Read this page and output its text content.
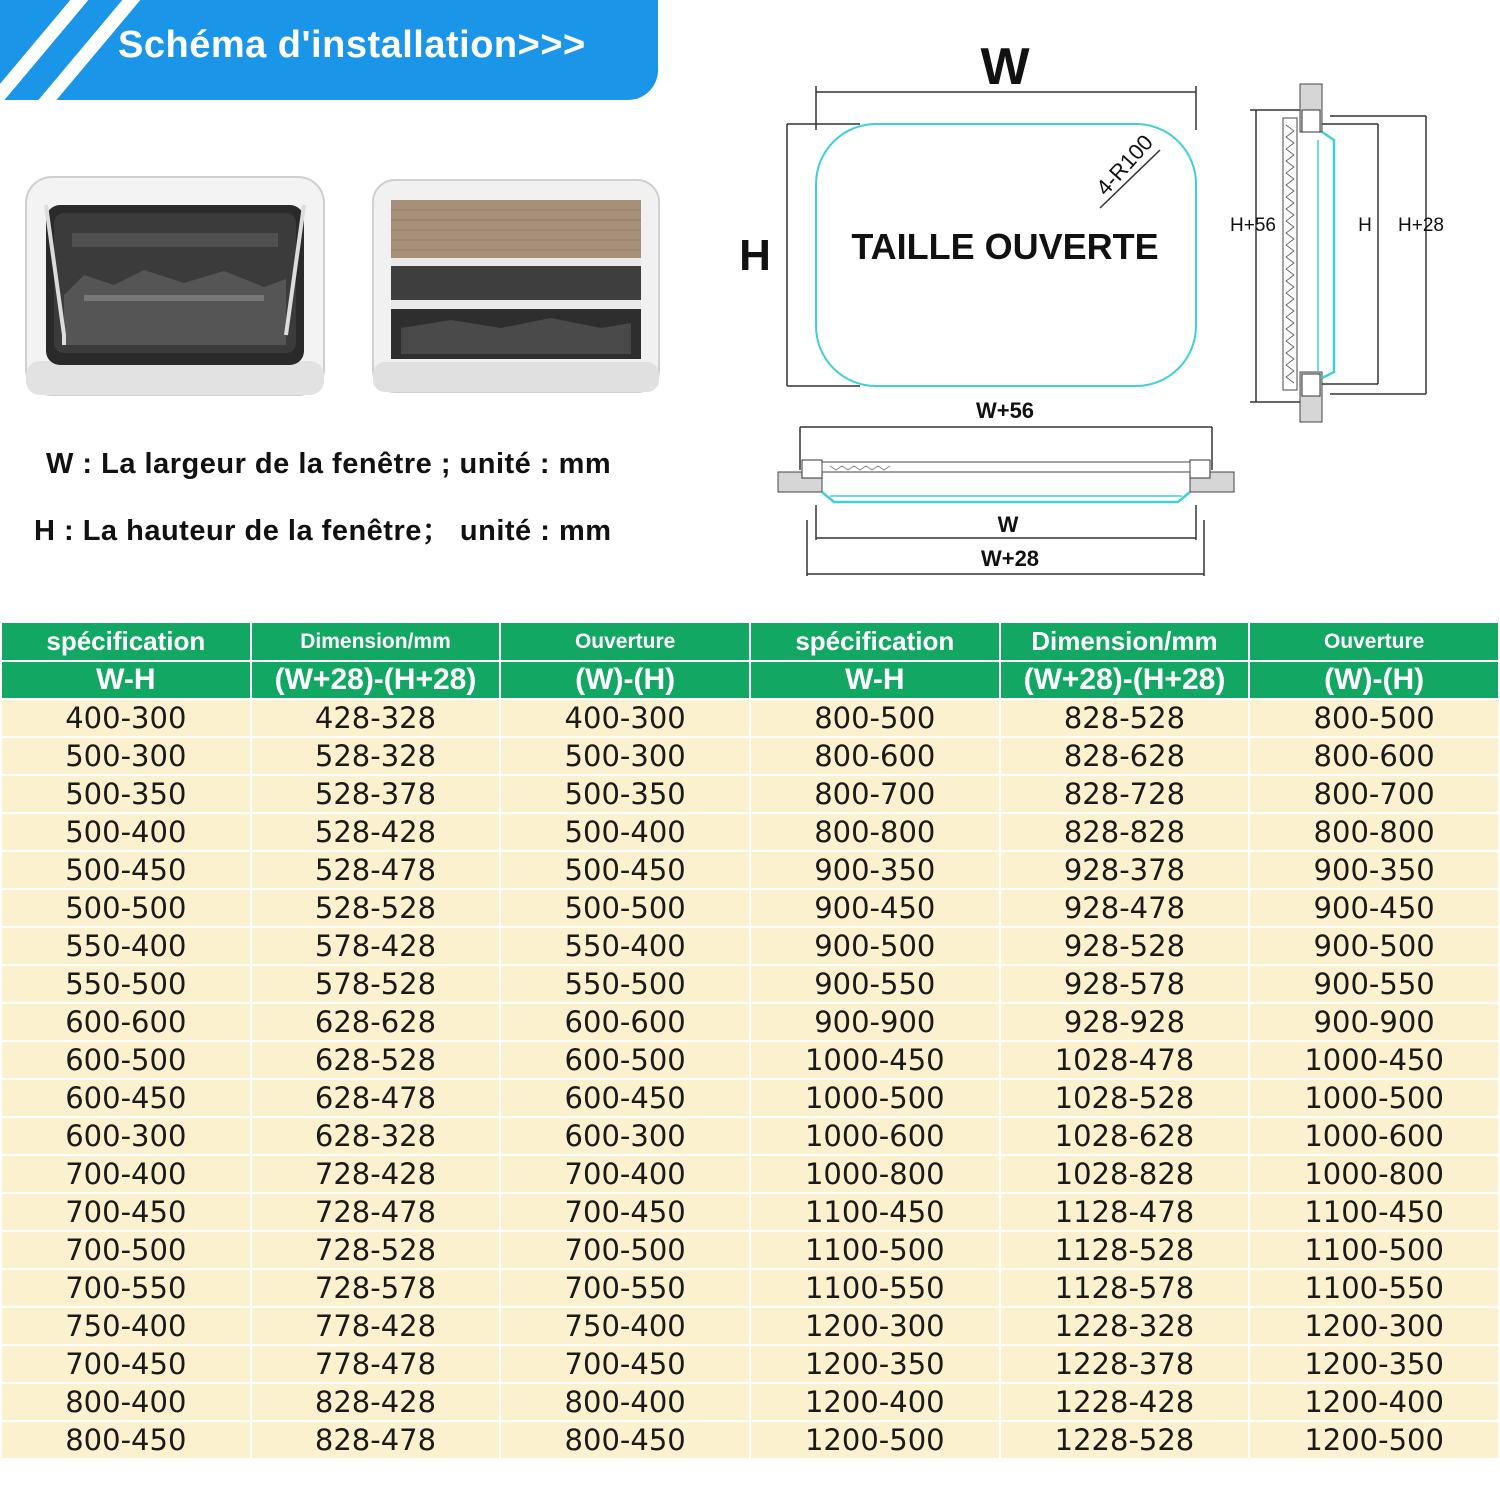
Schéma d'installation>>>
W : La largeur de la fenêtre ; unité : mm
H : La hauteur de la fenêtre； unité : mm
W
H
4-R100
TAILLE OUVERTE
H+56	H H+28
W+56
W
W+28
spécification	Dimension/mm	Ouverture	spécification	Dimension/mm	Ouverture
W-H	(W+28)-(H+28)	(W)-(H)	W-H	(W+28)-(H+28)	(W)-(H)
400-300	428-328	400-300	800-500	828-528	800-500
500-300	528-328	500-300	800-600	828-628	800-600
500-350	528-378	500-350	800-700	828-728	800-700
500-400	528-428	500-400	800-800	828-828	800-800
500-450	528-478	500-450	900-350	928-378	900-350
500-500	528-528	500-500	900-450	928-478	900-450
550-400	578-428	550-400	900-500	928-528	900-500
550-500	578-528	550-500	900-550	928-578	900-550
600-600	628-628	600-600	900-900	928-928	900-900
600-500	628-528	600-500	1000-450	1028-478	1000-450
600-450	628-478	600-450	1000-500	1028-528	1000-500
600-300	628-328	600-300	1000-600	1028-628	1000-600
700-400	728-428	700-400	1000-800	1028-828	1000-800
700-450	728-478	700-450	1100-450	1128-478	1100-450
700-500	728-528	700-500	1100-500	1128-528	1100-500
700-550	728-578	700-550	1100-550	1128-578	1100-550
750-400	778-428	750-400	1200-300	1228-328	1200-300
700-450	778-478	700-450	1200-350	1228-378	1200-350
800-400	828-428	800-400	1200-400	1228-428	1200-400
800-450	828-478	800-450	1200-500	1228-528	1200-500
